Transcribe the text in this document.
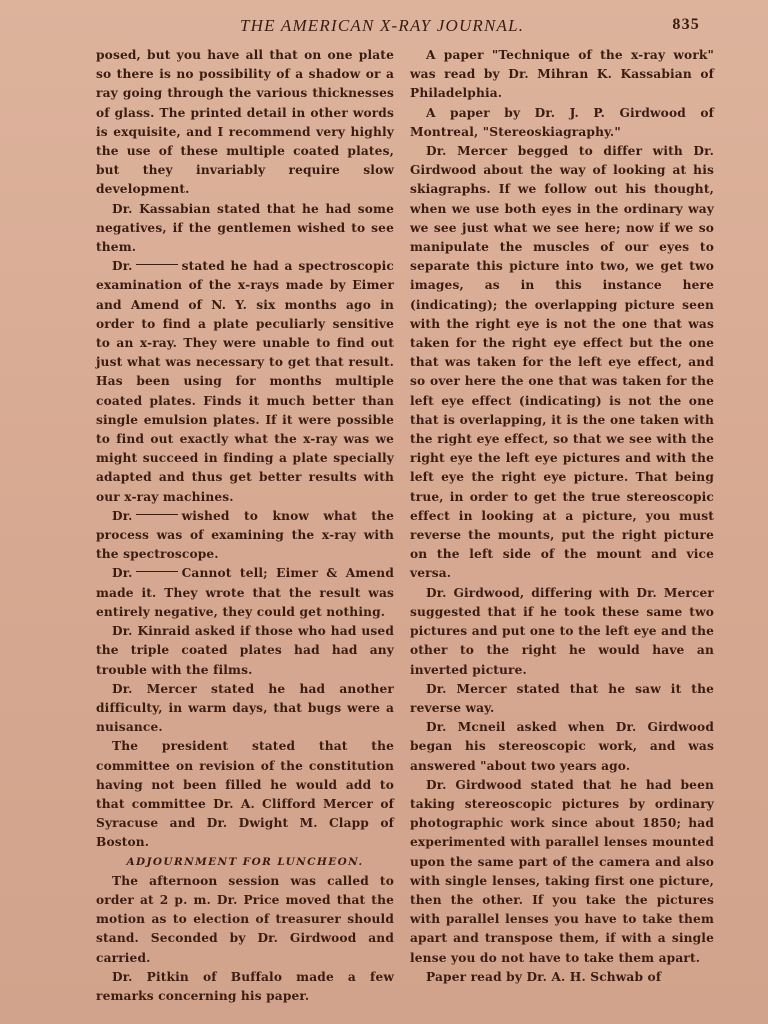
THE AMERICAN X-RAY JOURNAL.	835

posed, but you have all that on one plate so there is no possibility of a shadow or a ray going through the various thicknesses of glass. The printed detail in other words is exquisite, and I recommend very highly the use of these multiple coated plates, but they invariably require slow development.

Dr. Kassabian stated that he had some negatives, if the gentlemen wished to see them.

Dr.	stated he had a spectroscopic examination of the x-rays made by Eimer and Amend of N. Y. six months ago in order to find a plate peculiarly sensitive to an x-ray. They were unable to find out just what was necessary to get that result. Has been using for months multiple coated plates. Finds it much better than single emulsion plates. If it were possible to find out exactly what the x-ray was we might succeed in finding a plate specially adapted and thus get better results with our x-ray machines.

Dr.	wished to know what the process was of examining the x-ray with the spectroscope.

Dr.	Cannot tell; Eimer & Amend made it. They wrote that the result was entirely negative, they could get nothing.

Dr. Kinraid asked if those who had used the triple coated plates had had any trouble with the films.

Dr. Mercer stated he had another difficulty, in warm days, that bugs were a nuisance.

The president stated that the committee on revision of the constitution having not been filled he would add to that committee Dr. A. Clifford Mercer of Syracuse and Dr. Dwight M. Clapp of Boston.

ADJOURNMENT FOR LUNCHEON.

The afternoon session was called to order at 2 p. m. Dr. Price moved that the motion as to election of treasurer should stand. Seconded by Dr. Girdwood and carried.

Dr. Pitkin of Buffalo made a few remarks concerning his paper.

A paper "Technique of the x-ray work" was read by Dr. Mihran K. Kassabian of Philadelphia.

A paper by Dr. J. P. Girdwood of Montreal, "Stereoskiagraphy."

Dr. Mercer begged to differ with Dr. Girdwood about the way of looking at his skiagraphs. If we follow out his thought, when we use both eyes in the ordinary way we see just what we see here; now if we so manipulate the muscles of our eyes to separate this picture into two, we get two images, as in this instance here (indicating); the overlapping picture seen with the right eye is not the one that was taken for the right eye effect but the one that was taken for the left eye effect, and so over here the one that was taken for the left eye effect (indicating) is not the one that is overlapping, it is the one taken with the right eye effect, so that we see with the right eye the left eye pictures and with the left eye the right eye picture. That being true, in order to get the true stereoscopic effect in looking at a picture, you must reverse the mounts, put the right picture on the left side of the mount and vice versa.

Dr. Girdwood, differing with Dr. Mercer suggested that if he took these same two pictures and put one to the left eye and the other to the right he would have an inverted picture.

Dr. Mercer stated that he saw it the reverse way.

Dr. Mcneil asked when Dr. Girdwood began his stereoscopic work, and was answered "about two years ago.

Dr. Girdwood stated that he had been taking stereoscopic pictures by ordinary photographic work since about 1850; had experimented with parallel lenses mounted upon the same part of the camera and also with single lenses, taking first one picture, then the other. If you take the pictures with parallel lenses you have to take them apart and transpose them, if with a single lense you do not have to take them apart.

Paper read by Dr. A. H. Schwab of
